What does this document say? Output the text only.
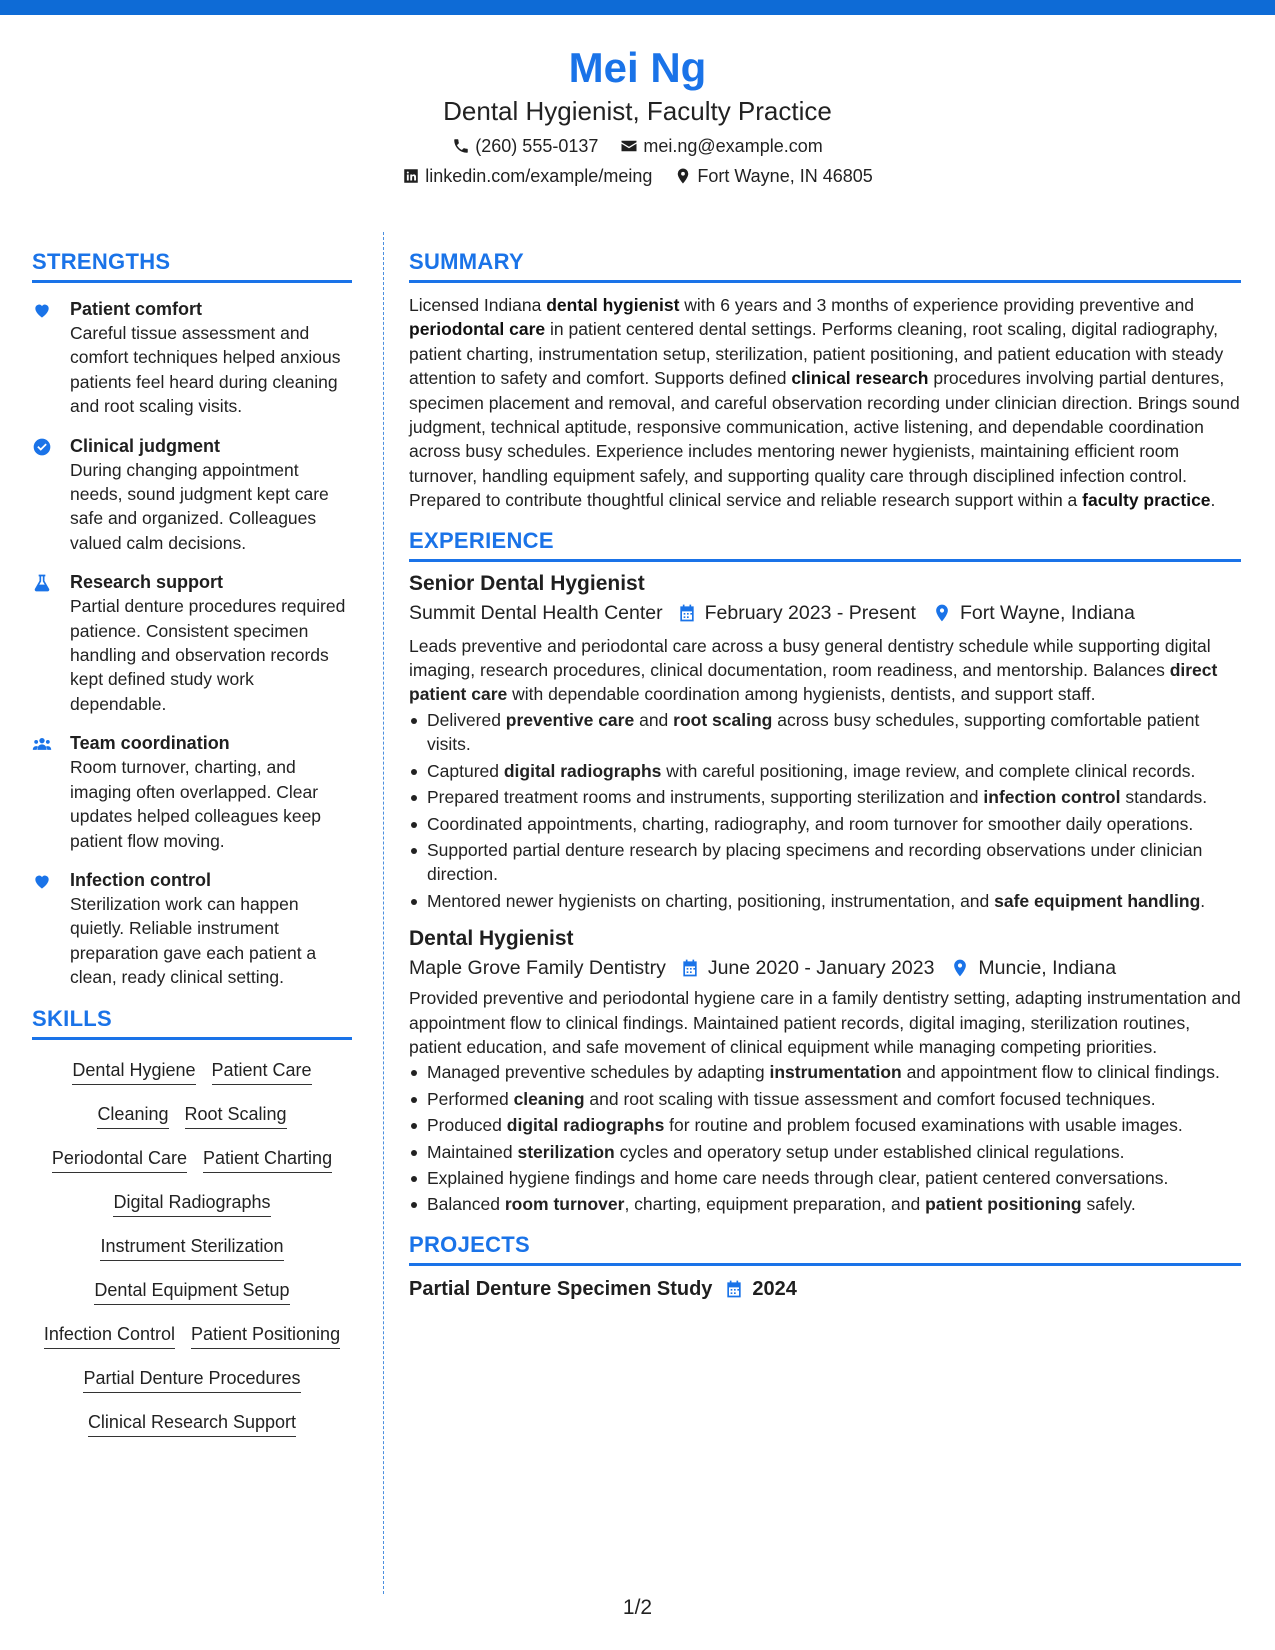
Mei Ng
Dental Hygienist, Faculty Practice
(260) 555-0137	mei.ng@example.com
linkedin.com/example/meing	Fort Wayne, IN 46805
STRENGTHS
Patient comfort
Careful tissue assessment and comfort techniques helped anxious patients feel heard during cleaning and root scaling visits.
Clinical judgment
During changing appointment needs, sound judgment kept care safe and organized. Colleagues valued calm decisions.
Research support
Partial denture procedures required patience. Consistent specimen handling and observation records kept defined study work dependable.
Team coordination
Room turnover, charting, and imaging often overlapped. Clear updates helped colleagues keep patient flow moving.
Infection control
Sterilization work can happen quietly. Reliable instrument preparation gave each patient a clean, ready clinical setting.
SKILLS
Dental Hygiene Patient Care
Cleaning Root Scaling
Periodontal Care Patient Charting
Digital Radiographs
Instrument Sterilization
Dental Equipment Setup
Infection Control Patient Positioning
Partial Denture Procedures
Clinical Research Support
SUMMARY
Licensed Indiana dental hygienist with 6 years and 3 months of experience providing preventive and periodontal care in patient centered dental settings. Performs cleaning, root scaling, digital radiography, patient charting, instrumentation setup, sterilization, patient positioning, and patient education with steady attention to safety and comfort. Supports defined clinical research procedures involving partial dentures, specimen placement and removal, and careful observation recording under clinician direction. Brings sound judgment, technical aptitude, responsive communication, active listening, and dependable coordination across busy schedules. Experience includes mentoring newer hygienists, maintaining efficient room turnover, handling equipment safely, and supporting quality care through disciplined infection control. Prepared to contribute thoughtful clinical service and reliable research support within a faculty practice.
EXPERIENCE
Senior Dental Hygienist
Summit Dental Health Center February 2023 - Present Fort Wayne, Indiana
Leads preventive and periodontal care across a busy general dentistry schedule while supporting digital imaging, research procedures, clinical documentation, room readiness, and mentorship. Balances direct patient care with dependable coordination among hygienists, dentists, and support staff.
Delivered preventive care and root scaling across busy schedules, supporting comfortable patient visits.
Captured digital radiographs with careful positioning, image review, and complete clinical records.
Prepared treatment rooms and instruments, supporting sterilization and infection control standards.
Coordinated appointments, charting, radiography, and room turnover for smoother daily operations.
Supported partial denture research by placing specimens and recording observations under clinician direction.
Mentored newer hygienists on charting, positioning, instrumentation, and safe equipment handling.
Dental Hygienist
Maple Grove Family Dentistry June 2020 - January 2023 Muncie, Indiana
Provided preventive and periodontal hygiene care in a family dentistry setting, adapting instrumentation and appointment flow to clinical findings. Maintained patient records, digital imaging, sterilization routines, patient education, and safe movement of clinical equipment while managing competing priorities.
Managed preventive schedules by adapting instrumentation and appointment flow to clinical findings.
Performed cleaning and root scaling with tissue assessment and comfort focused techniques.
Produced digital radiographs for routine and problem focused examinations with usable images.
Maintained sterilization cycles and operatory setup under established clinical regulations.
Explained hygiene findings and home care needs through clear, patient centered conversations.
Balanced room turnover, charting, equipment preparation, and patient positioning safely.
PROJECTS
Partial Denture Specimen Study 2024
1/2
